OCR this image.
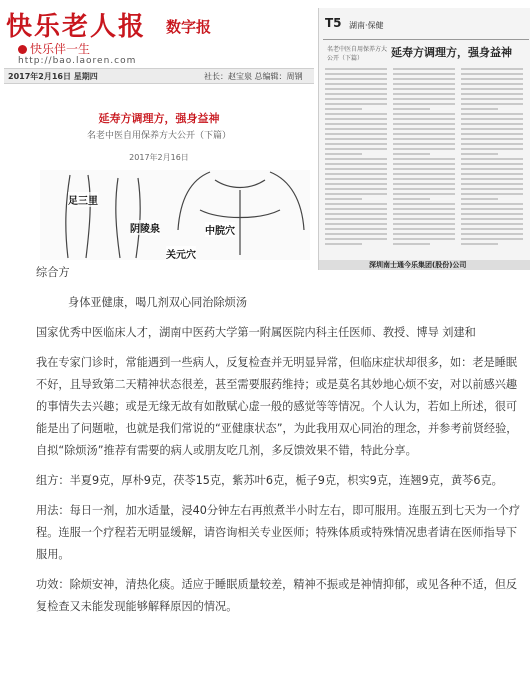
快乐老人报 数字报
快乐伴一生
http://bao.laoren.com
2017年2月16日 星期四	社长：赵宝泉 总编辑：周钢
延寿方调理方，强身益神
名老中医自用保养方大公开（下篇）
2017年2月16日
足三里
阴陵泉	中脘穴
关元穴
T5 湖南·保健
名老中医自用保养方大公开（下篇）	延寿方调理方，强身益神
深圳南士通今乐集团(股份)公司

综合方

身体亚健康，喝几剂双心同治除烦汤

国家优秀中医临床人才，湖南中医药大学第一附属医院内科主任医师、教授、博导 刘建和

我在专家门诊时，常能遇到一些病人，反复检查并无明显异常，但临床症状却很多，如：老是睡眠不好，且导致第二天精神状态很差，甚至需要服药维持；或是莫名其妙地心烦不安，对以前感兴趣的事情失去兴趣；或是无缘无故有如散赋心虚一般的感觉等等情况。个人认为，若如上所述，很可能是出了问题啦，也就是我们常说的“亚健康状态”，为此我用双心同治的理念，并参考前贤经验，自拟“除烦汤”推荐有需要的病人或朋友吃几剂，多反馈效果不错，特此分享。

组方：半夏9克，厚朴9克，茯苓15克，紫苏叶6克，栀子9克，枳实9克，连翘9克，黄芩6克。

用法：每日一剂，加水适量，浸40分钟左右再煎煮半小时左右，即可服用。连服五到七天为一个疗程。连服一个疗程若无明显缓解，请咨询相关专业医师；特殊体质或特殊情况患者请在医师指导下服用。

功效：除烦安神，清热化痰。适应于睡眠质量较差，精神不振或是神情抑郁，或见各种不适，但反复检查又未能发现能够解释原因的情况。
